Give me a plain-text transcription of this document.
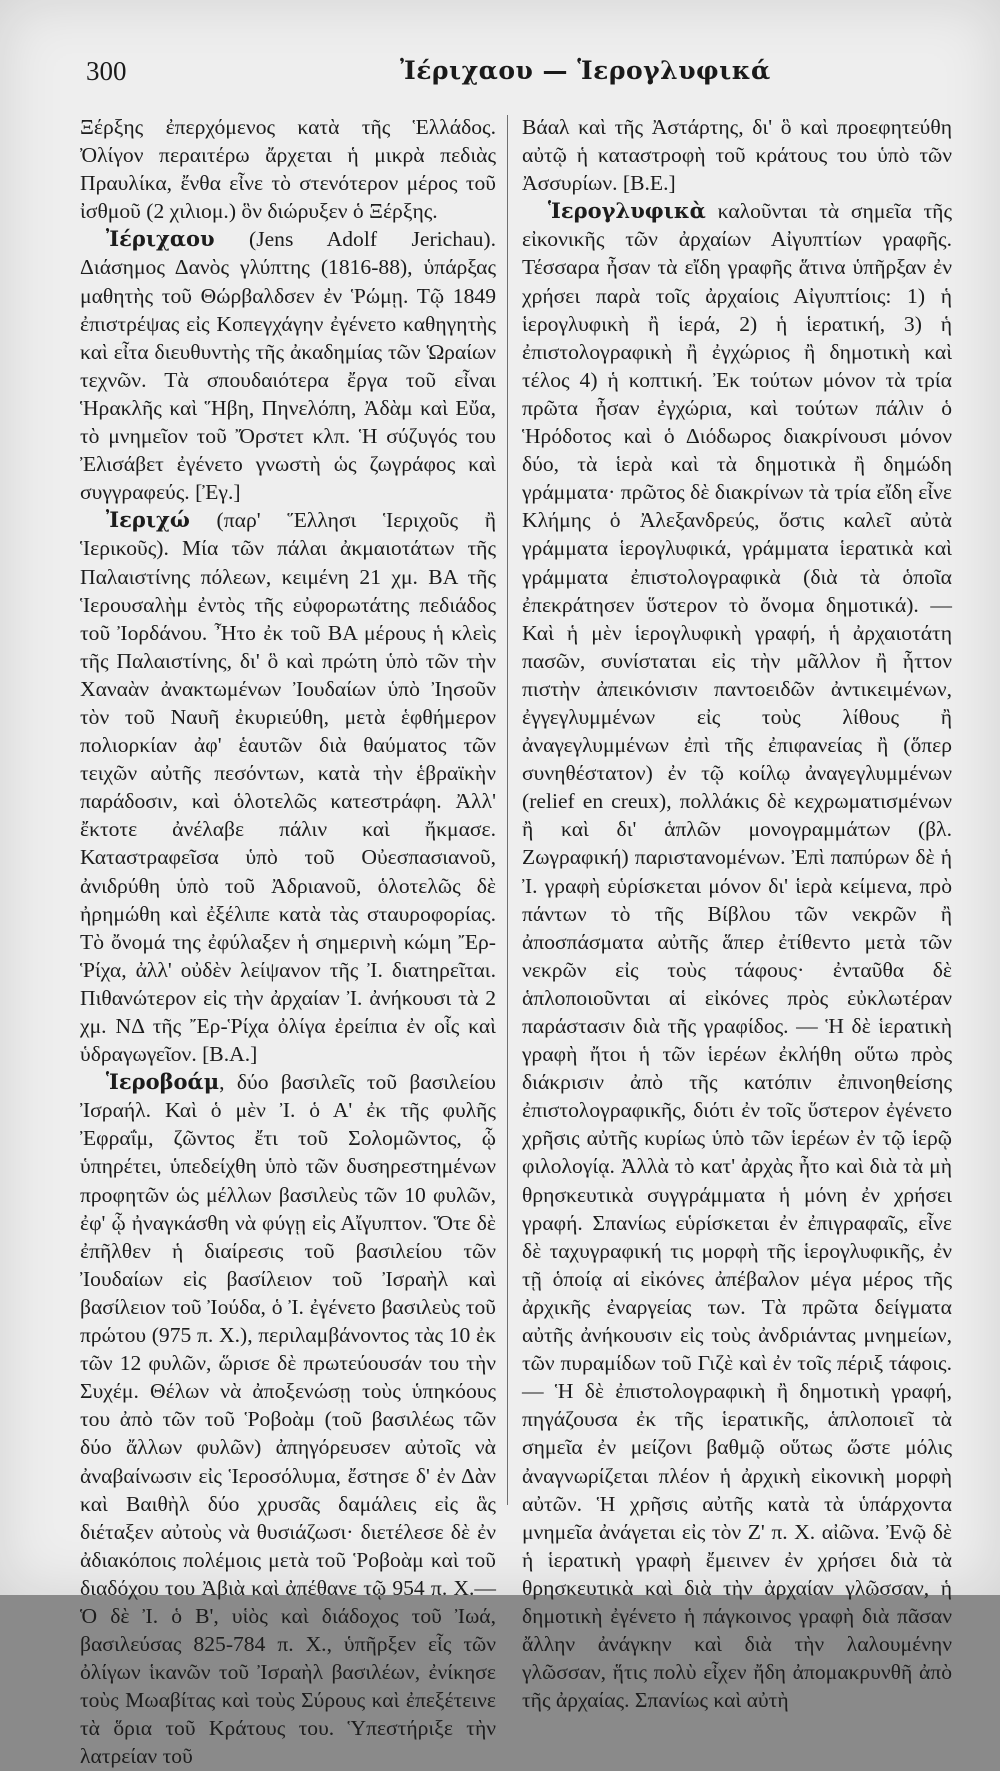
300	Ἰέριχαου — Ἱερογλυφικά

Ξέρξης ἐπερχόμενος κατὰ τῆς Ἑλλάδος. Ὀλίγον περαιτέρω ἄρχεται ἡ μικρὰ πεδιὰς Πραυλίκα, ἔνθα εἶνε τὸ στενότερον μέρος τοῦ ἰσθμοῦ (2 χιλιομ.) ὃν διώρυξεν ὁ Ξέρξης.

Ἰέριχαου (Jens Adolf Jerichau). Διάσημος Δανὸς γλύπτης (1816-88), ὑπάρξας μαθητὴς τοῦ Θώρβαλδσεν ἐν Ῥώμῃ. Τῷ 1849 ἐπιστρέψας εἰς Κοπεγχάγην ἐγένετο καθηγητὴς καὶ εἶτα διευθυντὴς τῆς ἀκαδημίας τῶν Ὡραίων τεχνῶν. Τὰ σπουδαιότερα ἔργα τοῦ εἶναι Ἡρακλῆς καὶ Ἥβη, Πηνελόπη, Ἀδὰμ καὶ Εὔα, τὸ μνημεῖον τοῦ Ὄρστετ κλπ. Ἡ σύζυγός του Ἐλισάβετ ἐγένετο γνωστὴ ὡς ζωγράφος καὶ συγγραφεύς. [Ἐγ.]

Ἰεριχώ (παρ' Ἕλλησι Ἱεριχοῦς ἢ Ἱερικοῦς). Μία τῶν πάλαι ἀκμαιοτάτων τῆς Παλαιστίνης πόλεων, κειμένη 21 χμ. ΒΑ τῆς Ἱερουσαλὴμ ἐντὸς τῆς εὐφορωτάτης πεδιάδος τοῦ Ἰορδάνου. Ἦτο ἐκ τοῦ ΒΑ μέρους ἡ κλεὶς τῆς Παλαιστίνης, δι' ὃ καὶ πρώτη ὑπὸ τῶν τὴν Χαναὰν ἀνακτωμένων Ἰουδαίων ὑπὸ Ἰησοῦν τὸν τοῦ Ναυῆ ἐκυριεύθη, μετὰ ἑφθήμερον πολιορκίαν ἀφ' ἑαυτῶν διὰ θαύματος τῶν τειχῶν αὐτῆς πεσόντων, κατὰ τὴν ἑβραϊκὴν παράδοσιν, καὶ ὁλοτελῶς κατεστράφη. Ἀλλ' ἔκτοτε ἀνέλαβε πάλιν καὶ ἤκμασε. Καταστραφεῖσα ὑπὸ τοῦ Οὐεσπασιανοῦ, ἀνιδρύθη ὑπὸ τοῦ Ἀδριανοῦ, ὁλοτελῶς δὲ ἠρημώθη καὶ ἐξέλιπε κατὰ τὰς σταυροφορίας. Τὸ ὄνομά της ἐφύλαξεν ἡ σημερινὴ κώμη Ἔρ-Ῥίχα, ἀλλ' οὐδὲν λείψανον τῆς Ἰ. διατηρεῖται. Πιθανώτερον εἰς τὴν ἀρχαίαν Ἰ. ἀνήκουσι τὰ 2 χμ. ΝΔ τῆς Ἔρ-Ῥίχα ὀλίγα ἐρείπια ἐν οἷς καὶ ὑδραγωγεῖον. [Β.Α.]

Ἱεροβοάμ, δύο βασιλεῖς τοῦ βασιλείου Ἰσραήλ. Καὶ ὁ μὲν Ἰ. ὁ Α' ἐκ τῆς φυλῆς Ἐφραΐμ, ζῶντος ἔτι τοῦ Σολομῶντος, ᾧ ὑπηρέτει, ὑπεδείχθη ὑπὸ τῶν δυσηρεστημένων προφητῶν ὡς μέλλων βασιλεὺς τῶν 10 φυλῶν, ἐφ' ᾧ ἠναγκάσθη νὰ φύγῃ εἰς Αἴγυπτον. Ὅτε δὲ ἐπῆλθεν ἡ διαίρεσις τοῦ βασιλείου τῶν Ἰουδαίων εἰς βασίλειον τοῦ Ἰσραὴλ καὶ βασίλειον τοῦ Ἰούδα, ὁ Ἰ. ἐγένετο βασιλεὺς τοῦ πρώτου (975 π. Χ.), περιλαμβάνοντος τὰς 10 ἐκ τῶν 12 φυλῶν, ὥρισε δὲ πρωτεύουσάν του τὴν Συχέμ. Θέλων νὰ ἀποξενώσῃ τοὺς ὑπηκόους του ἀπὸ τῶν τοῦ Ῥοβοὰμ (τοῦ βασιλέως τῶν δύο ἄλλων φυλῶν) ἀπηγόρευσεν αὐτοῖς νὰ ἀναβαίνωσιν εἰς Ἱεροσόλυμα, ἔστησε δ' ἐν Δὰν καὶ Βαιθὴλ δύο χρυσᾶς δαμάλεις εἰς ἃς διέταξεν αὐτοὺς νὰ θυσιάζωσι· διετέλεσε δὲ ἐν ἀδιακόποις πολέμοις μετὰ τοῦ Ῥοβοὰμ καὶ τοῦ διαδόχου του Ἀβιὰ καὶ ἀπέθανε τῷ 954 π. Χ.—Ὁ δὲ Ἰ. ὁ Β', υἱὸς καὶ διάδοχος τοῦ Ἰωά, βασιλεύσας 825-784 π. Χ., ὑπῆρξεν εἷς τῶν ὀλίγων ἱκανῶν τοῦ Ἰσραὴλ βασιλέων, ἐνίκησε τοὺς Μωαβίτας καὶ τοὺς Σύρους καὶ ἐπεξέτεινε τὰ ὅρια τοῦ Κράτους του. Ὑπεστήριξε τὴν λατρείαν τοῦ

Βάαλ καὶ τῆς Ἀστάρτης, δι' ὃ καὶ προεφητεύθη αὐτῷ ἡ καταστροφὴ τοῦ κράτους του ὑπὸ τῶν Ἀσσυρίων. [Β.Ε.]

Ἱερογλυφικὰ καλοῦνται τὰ σημεῖα τῆς εἰκονικῆς τῶν ἀρχαίων Αἰγυπτίων γραφῆς. Τέσσαρα ἦσαν τὰ εἴδη γραφῆς ἅτινα ὑπῆρξαν ἐν χρήσει παρὰ τοῖς ἀρχαίοις Αἰγυπτίοις: 1) ἡ ἱερογλυφικὴ ἢ ἱερά, 2) ἡ ἱερατική, 3) ἡ ἐπιστολογραφικὴ ἢ ἐγχώριος ἢ δημοτικὴ καὶ τέλος 4) ἡ κοπτική. Ἐκ τούτων μόνον τὰ τρία πρῶτα ἦσαν ἐγχώρια, καὶ τούτων πάλιν ὁ Ἡρόδοτος καὶ ὁ Διόδωρος διακρίνουσι μόνον δύο, τὰ ἱερὰ καὶ τὰ δημοτικὰ ἢ δημώδη γράμματα· πρῶτος δὲ διακρίνων τὰ τρία εἴδη εἶνε Κλήμης ὁ Ἀλεξανδρεύς, ὅστις καλεῖ αὐτὰ γράμματα ἱερογλυφικά, γράμματα ἱερατικὰ καὶ γράμματα ἐπιστολογραφικὰ (διὰ τὰ ὁποῖα ἐπεκράτησεν ὕστερον τὸ ὄνομα δημοτικά). — Καὶ ἡ μὲν ἱερογλυφικὴ γραφή, ἡ ἀρχαιοτάτη πασῶν, συνίσταται εἰς τὴν μᾶλλον ἢ ἧττον πιστὴν ἀπεικόνισιν παντοειδῶν ἀντικειμένων, ἐγγεγλυμμένων εἰς τοὺς λίθους ἢ ἀναγεγλυμμένων ἐπὶ τῆς ἐπιφανείας ἢ (ὅπερ συνηθέστατον) ἐν τῷ κοίλῳ ἀναγεγλυμμένων (relief en creux), πολλάκις δὲ κεχρωματισμένων ἢ καὶ δι' ἁπλῶν μονογραμμάτων (βλ. Ζωγραφική) παριστανομένων. Ἐπὶ παπύρων δὲ ἡ Ἰ. γραφὴ εὑρίσκεται μόνον δι' ἱερὰ κείμενα, πρὸ πάντων τὸ τῆς Βίβλου τῶν νεκρῶν ἢ ἀποσπάσματα αὐτῆς ἅπερ ἐτίθεντο μετὰ τῶν νεκρῶν εἰς τοὺς τάφους· ἐνταῦθα δὲ ἁπλοποιοῦνται αἱ εἰκόνες πρὸς εὐκλωτέραν παράστασιν διὰ τῆς γραφίδος. — Ἡ δὲ ἱερατικὴ γραφὴ ἤτοι ἡ τῶν ἱερέων ἐκλήθη οὕτω πρὸς διάκρισιν ἀπὸ τῆς κατόπιν ἐπινοηθείσης ἐπιστολογραφικῆς, διότι ἐν τοῖς ὕστερον ἐγένετο χρῆσις αὐτῆς κυρίως ὑπὸ τῶν ἱερέων ἐν τῷ ἱερῷ φιλολογίᾳ. Ἀλλὰ τὸ κατ' ἀρχὰς ἦτο καὶ διὰ τὰ μὴ θρησκευτικὰ συγγράμματα ἡ μόνη ἐν χρήσει γραφή. Σπανίως εὑρίσκεται ἐν ἐπιγραφαῖς, εἶνε δὲ ταχυγραφική τις μορφὴ τῆς ἱερογλυφικῆς, ἐν τῇ ὁποίᾳ αἱ εἰκόνες ἀπέβαλον μέγα μέρος τῆς ἀρχικῆς ἐναργείας των. Τὰ πρῶτα δείγματα αὐτῆς ἀνήκουσιν εἰς τοὺς ἀνδριάντας μνημείων, τῶν πυραμίδων τοῦ Γιζὲ καὶ ἐν τοῖς πέριξ τάφοις. — Ἡ δὲ ἐπιστολογραφικὴ ἢ δημοτικὴ γραφή, πηγάζουσα ἐκ τῆς ἱερατικῆς, ἁπλοποιεῖ τὰ σημεῖα ἐν μείζονι βαθμῷ οὕτως ὥστε μόλις ἀναγνωρίζεται πλέον ἡ ἀρχικὴ εἰκονικὴ μορφὴ αὐτῶν. Ἡ χρῆσις αὐτῆς κατὰ τὰ ὑπάρχοντα μνημεῖα ἀνάγεται εἰς τὸν Ζ' π. Χ. αἰῶνα. Ἐνῷ δὲ ἡ ἱερατικὴ γραφὴ ἔμεινεν ἐν χρήσει διὰ τὰ θρησκευτικὰ καὶ διὰ τὴν ἀρχαίαν γλῶσσαν, ἡ δημοτικὴ ἐγένετο ἡ πάγκοινος γραφὴ διὰ πᾶσαν ἄλλην ἀνάγκην καὶ διὰ τὴν λαλουμένην γλῶσσαν, ἥτις πολὺ εἶχεν ἤδη ἀπομακρυνθῆ ἀπὸ τῆς ἀρχαίας. Σπανίως καὶ αὐτὴ
